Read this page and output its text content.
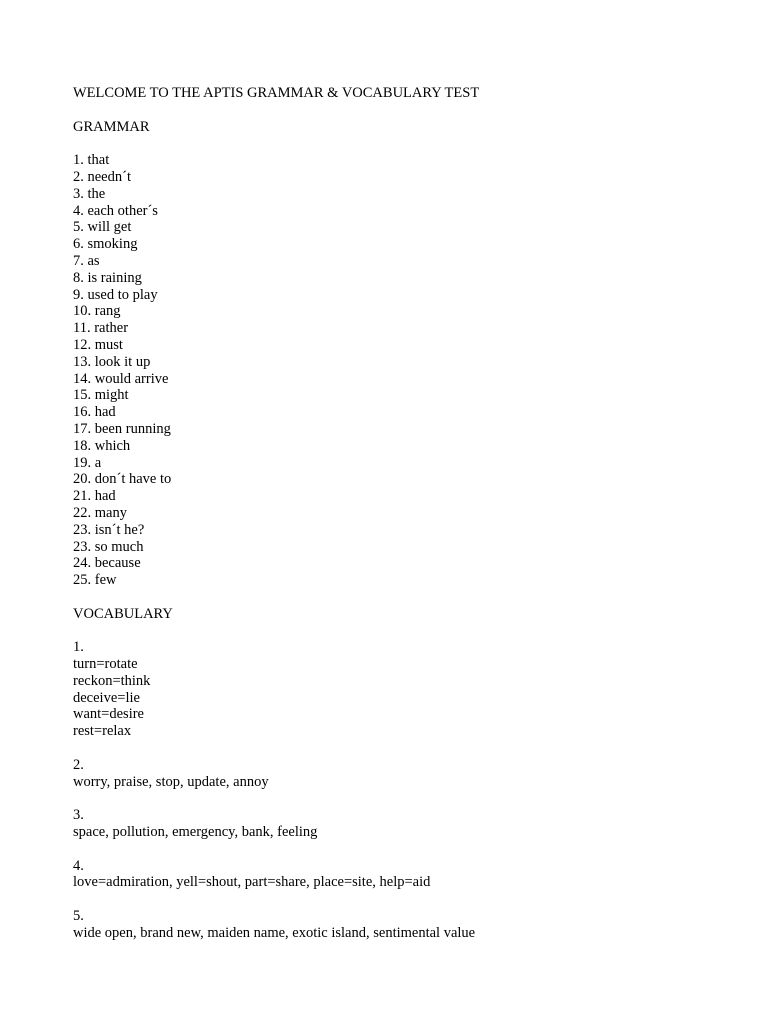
WELCOME TO THE APTIS GRAMMAR & VOCABULARY TEST
GRAMMAR
1. that
2. needn´t
3. the
4. each other´s
5. will get
6. smoking
7. as
8. is raining
9. used to play
10. rang
11. rather
12. must
13. look it up
14. would arrive
15. might
16. had
17. been running
18. which
19. a
20. don´t have to
21. had
22. many
23. isn´t he?
23. so much
24. because
25. few
VOCABULARY
1.
turn=rotate
reckon=think
deceive=lie
want=desire
rest=relax
2.
worry, praise, stop, update, annoy
3.
space, pollution, emergency, bank, feeling
4.
love=admiration, yell=shout, part=share, place=site, help=aid
5.
wide open, brand new, maiden name, exotic island, sentimental value
